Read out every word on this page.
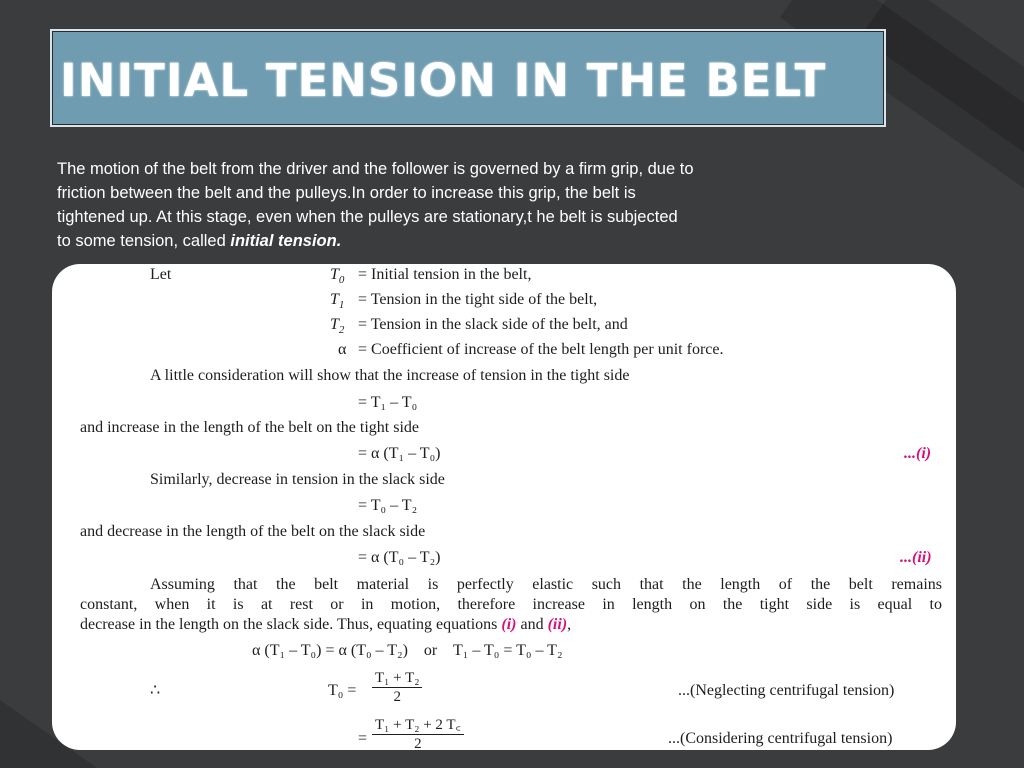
INITIAL TENSION IN THE BELT

The motion of the belt from the driver and the follower is governed by a firm grip, due to

friction between the belt and the pulleys.In order to increase this grip, the belt is

tightened up. At this stage, even when the pulleys are stationary,t he belt is subjected

to some tension, called initial tension.

Let	$T_0$ = Initial tension in the belt,
$T_1$ = Tension in the tight side of the belt,
$T_2$ = Tension in the slack side of the belt, and
α = Coefficient of increase of the belt length per unit force.
A little consideration will show that the increase of tension in the tight side
= T₁ – T₀
and increase in the length of the belt on the tight side
= α (T₁ – T₀)	...(i)
Similarly, decrease in tension in the slack side
= T₀ – T₂
and decrease in the length of the belt on the slack side
= α (T₀ – T₂)	...(ii)
Assuming that the belt material is perfectly elastic such that the length of the belt remains
constant, when it is at rest or in motion, therefore increase in length on the tight side is equal to
decrease in the length on the slack side. Thus, equating equations (i) and (ii),
α (T₁ – T₀) = α (T₀ – T₂)    or    T₁ – T₀ = T₀ – T₂
∴	$T_0 = \frac{\text{T₁ + T₂}}{2}$	...(Neglecting centrifugal tension)
= $\frac{\text{T₁ + T₂ + 2 T꜀}}{2}$	...(Considering centrifugal tension)
